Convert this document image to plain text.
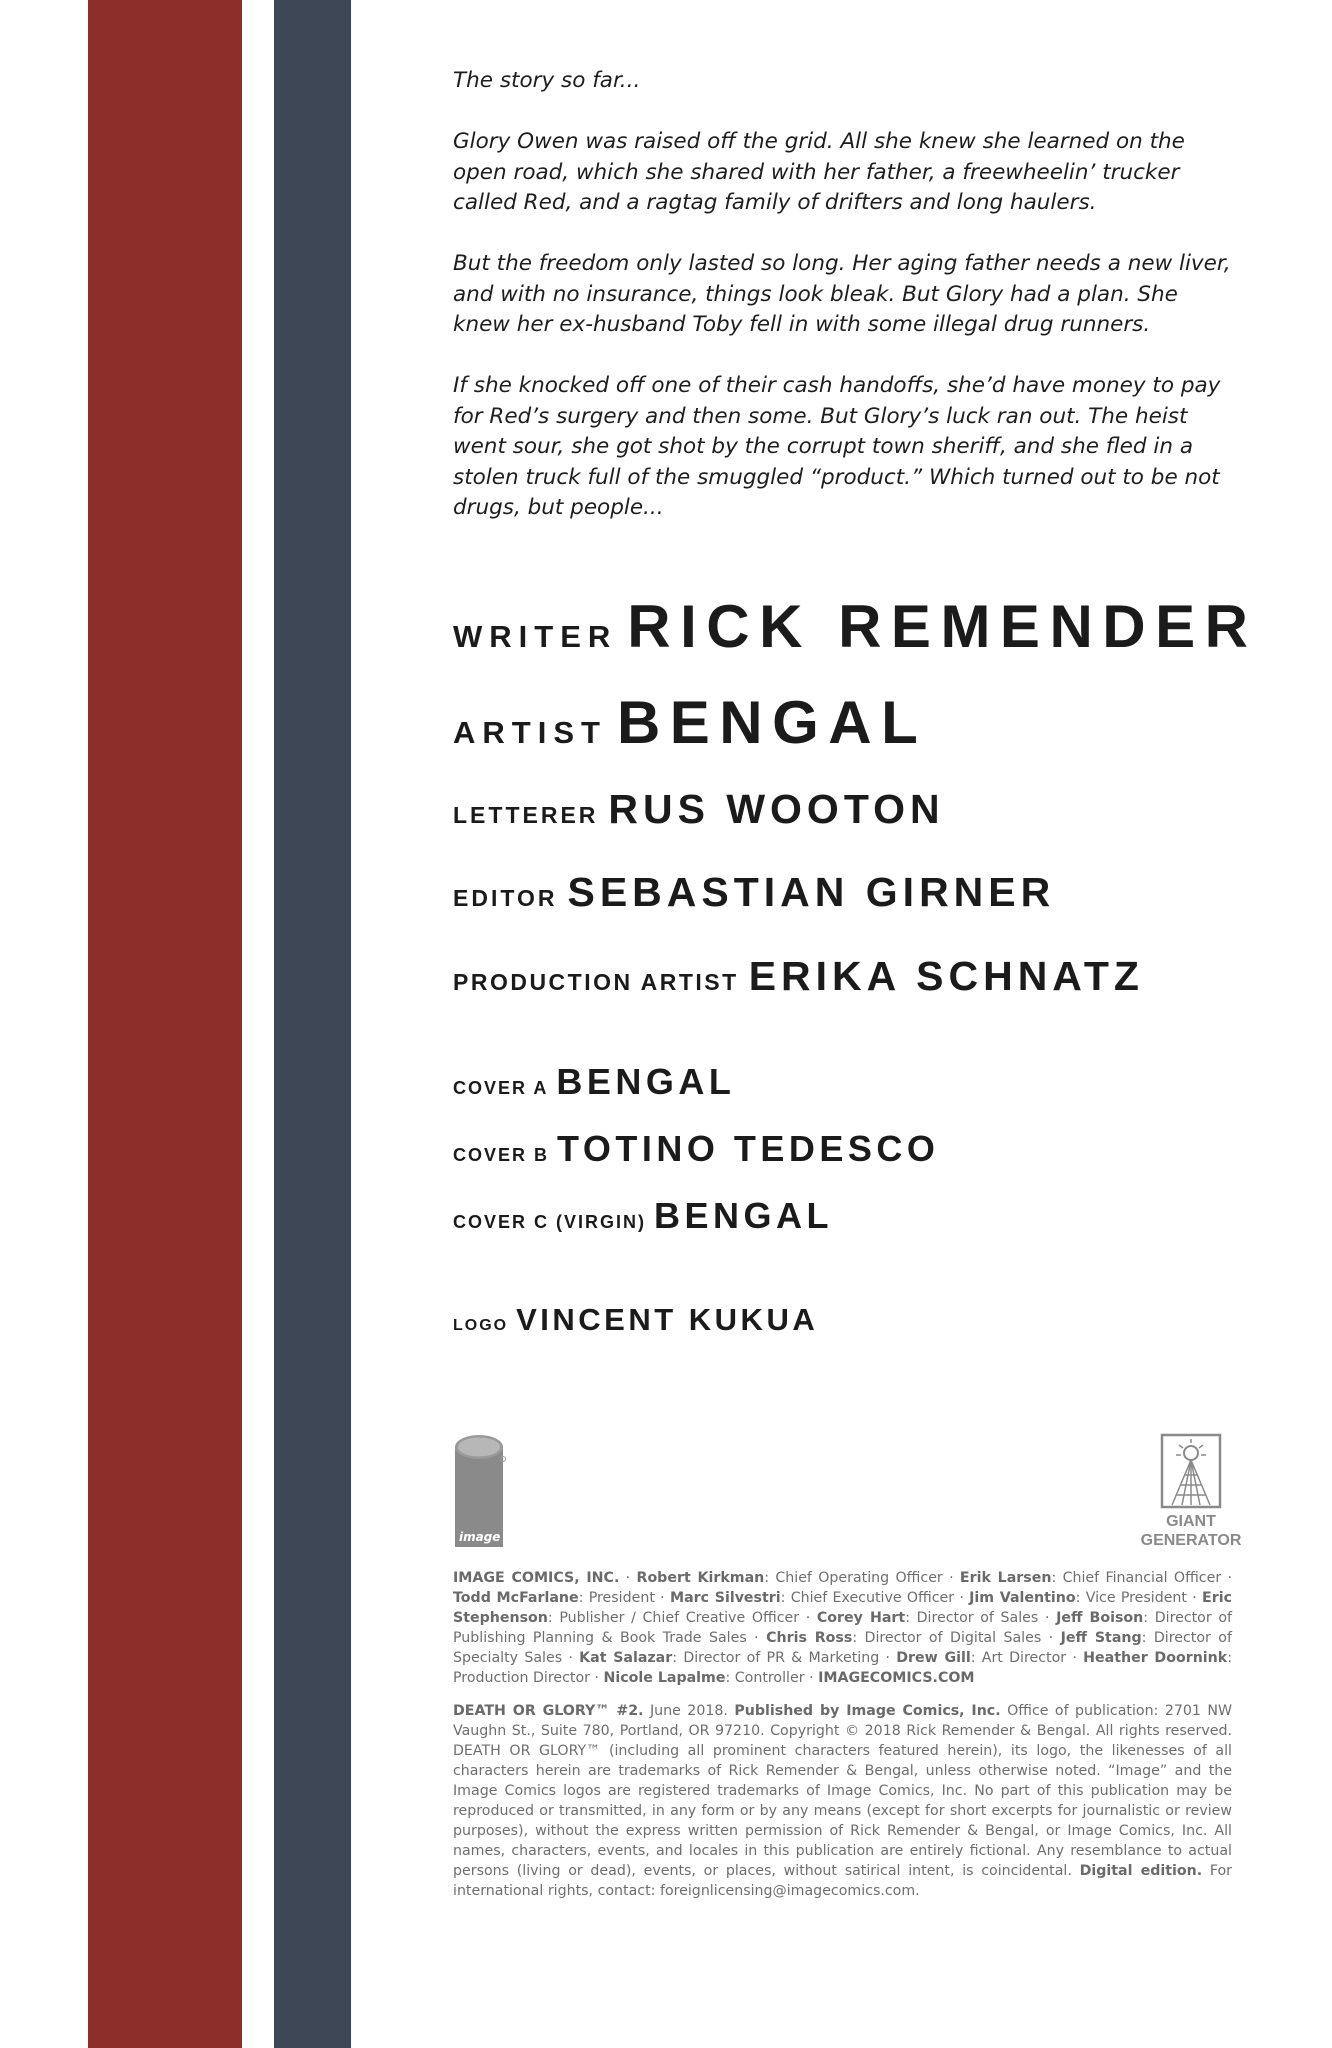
The story so far...

Glory Owen was raised off the grid. All she knew she learned on the open road, which she shared with her father, a freewheelin’ trucker called Red, and a ragtag family of drifters and long haulers.

But the freedom only lasted so long. Her aging father needs a new liver, and with no insurance, things look bleak. But Glory had a plan. She knew her ex-husband Toby fell in with some illegal drug runners.

If she knocked off one of their cash handoffs, she’d have money to pay for Red’s surgery and then some. But Glory’s luck ran out. The heist went sour, she got shot by the corrupt town sheriff, and she fled in a stolen truck full of the smuggled “product.” Which turned out to be not drugs, but people...

WRITER RICK REMENDER
ARTIST BENGAL
LETTERER RUS WOOTON
EDITOR SEBASTIAN GIRNER
PRODUCTION ARTIST ERIKA SCHNATZ
COVER A BENGAL
COVER B TOTINO TEDESCO
COVER C (VIRGIN) BENGAL
LOGO VINCENT KUKUA
image
GIANT
GENERATOR
IMAGE COMICS, INC. · Robert Kirkman: Chief Operating Officer · Erik Larsen: Chief Financial Officer · Todd McFarlane: President · Marc Silvestri: Chief Executive Officer · Jim Valentino: Vice President · Eric Stephenson: Publisher / Chief Creative Officer · Corey Hart: Director of Sales · Jeff Boison: Director of Publishing Planning & Book Trade Sales · Chris Ross: Director of Digital Sales · Jeff Stang: Director of Specialty Sales · Kat Salazar: Director of PR & Marketing · Drew Gill: Art Director · Heather Doornink: Production Director · Nicole Lapalme: Controller · IMAGECOMICS.COM
DEATH OR GLORY™ #2. June 2018. Published by Image Comics, Inc. Office of publication: 2701 NW Vaughn St., Suite 780, Portland, OR 97210. Copyright © 2018 Rick Remender & Bengal. All rights reserved. DEATH OR GLORY™ (including all prominent characters featured herein), its logo, the likenesses of all characters herein are trademarks of Rick Remender & Bengal, unless otherwise noted. “Image” and the Image Comics logos are registered trademarks of Image Comics, Inc. No part of this publication may be reproduced or transmitted, in any form or by any means (except for short excerpts for journalistic or review purposes), without the express written permission of Rick Remender & Bengal, or Image Comics, Inc. All names, characters, events, and locales in this publication are entirely fictional. Any resemblance to actual persons (living or dead), events, or places, without satirical intent, is coincidental. Digital edition. For international rights, contact: foreignlicensing@imagecomics.com.
